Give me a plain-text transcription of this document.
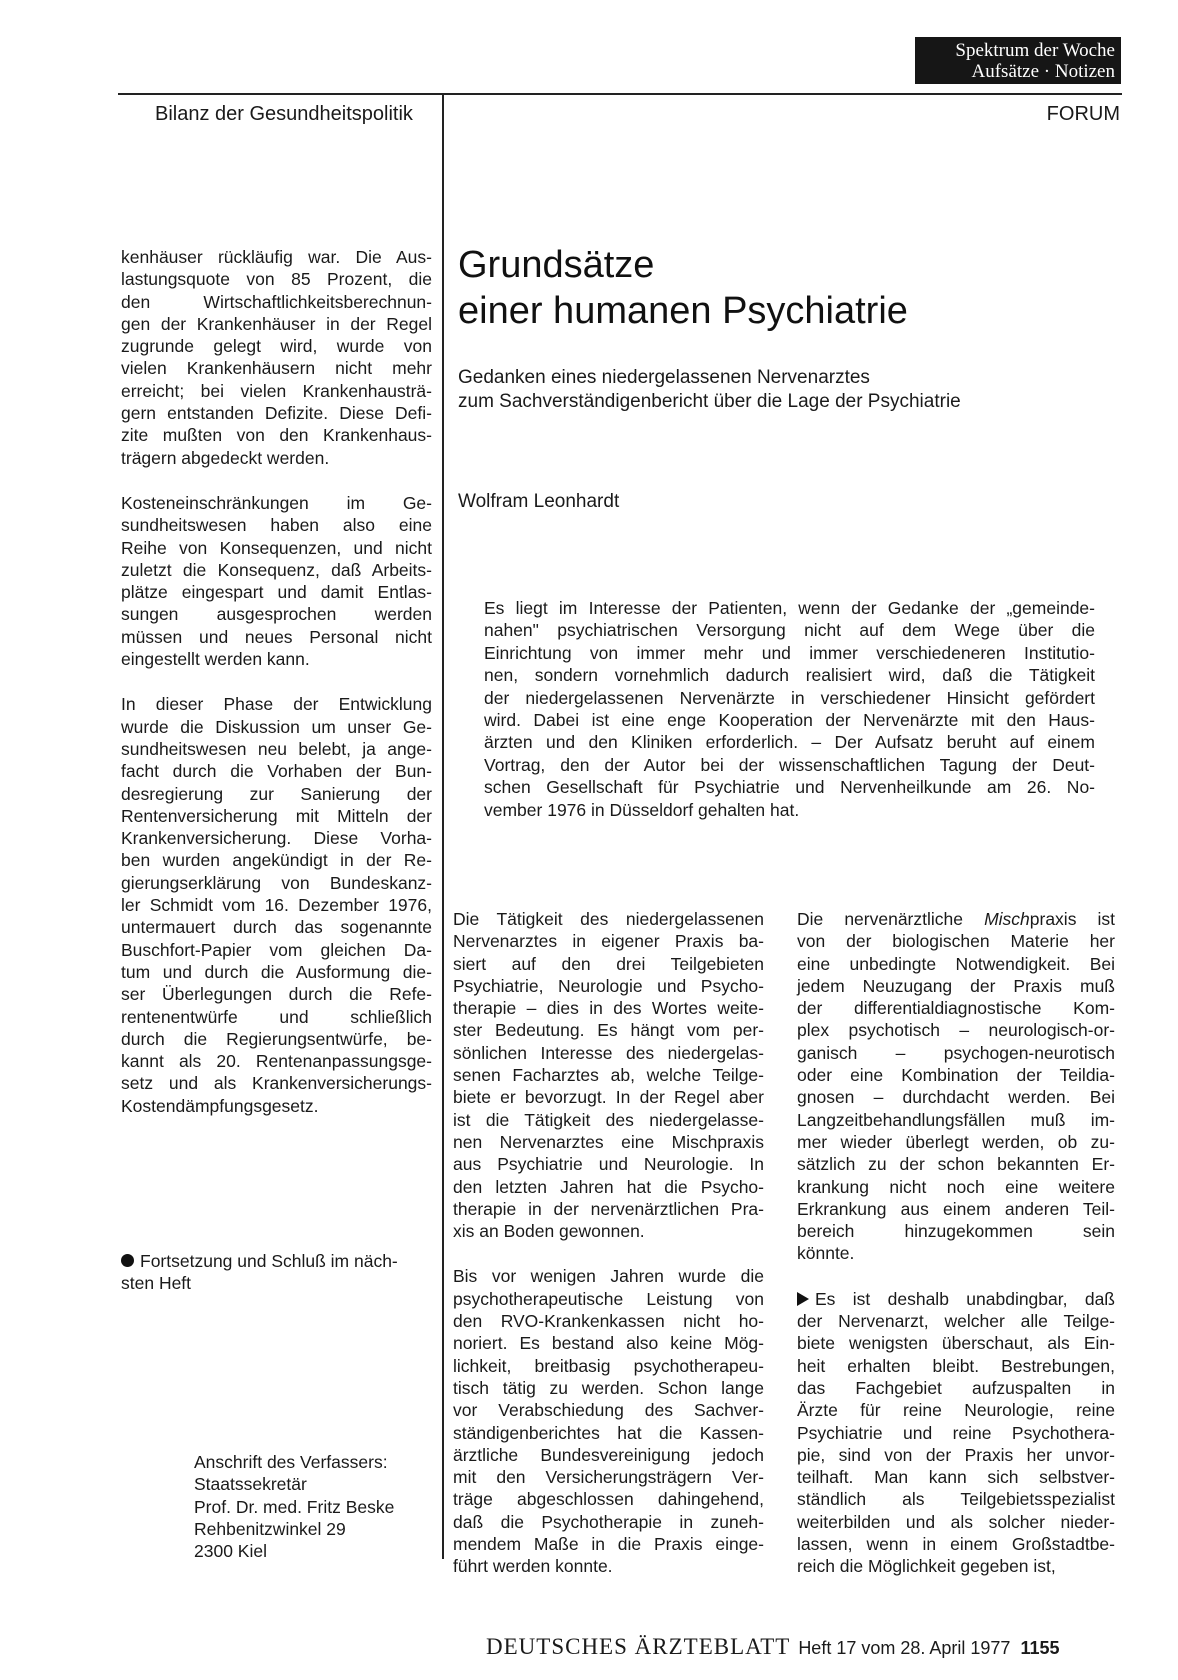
Spektrum der Woche
Aufsätze · Notizen
Bilanz der Gesundheitspolitik	FORUM

kenhäuser rückläufig war. Die Aus-
lastungsquote von 85 Prozent, die
den Wirtschaftlichkeitsberechnun-
gen der Krankenhäuser in der Regel
zugrunde gelegt wird, wurde von
vielen Krankenhäusern nicht mehr
erreicht; bei vielen Krankenhausträ-
gern entstanden Defizite. Diese Defi-
zite mußten von den Krankenhaus-
trägern abgedeckt werden.

Kosteneinschränkungen im Ge-
sundheitswesen haben also eine
Reihe von Konsequenzen, und nicht
zuletzt die Konsequenz, daß Arbeits-
plätze eingespart und damit Entlas-
sungen ausgesprochen werden
müssen und neues Personal nicht
eingestellt werden kann.

In dieser Phase der Entwicklung
wurde die Diskussion um unser Ge-
sundheitswesen neu belebt, ja ange-
facht durch die Vorhaben der Bun-
desregierung zur Sanierung der
Rentenversicherung mit Mitteln der
Krankenversicherung. Diese Vorha-
ben wurden angekündigt in der Re-
gierungserklärung von Bundeskanz-
ler Schmidt vom 16. Dezember 1976,
untermauert durch das sogenannte
Buschfort-Papier vom gleichen Da-
tum und durch die Ausformung die-
ser Überlegungen durch die Refe-
rentenentwürfe und schließlich
durch die Regierungsentwürfe, be-
kannt als 20. Rentenanpassungsge-
setz und als Krankenversicherungs-
Kostendämpfungsgesetz.

Fortsetzung und Schluß im näch-
sten Heft
Anschrift des Verfassers:
Staatssekretär
Prof. Dr. med. Fritz Beske
Rehbenitzwinkel 29
2300 Kiel
Grundsätze
einer humanen Psychiatrie
Gedanken eines niedergelassenen Nervenarztes
zum Sachverständigenbericht über die Lage der Psychiatrie
Wolfram Leonhardt
Es liegt im Interesse der Patienten, wenn der Gedanke der „gemeinde-
nahen" psychiatrischen Versorgung nicht auf dem Wege über die
Einrichtung von immer mehr und immer verschiedeneren Institutio-
nen, sondern vornehmlich dadurch realisiert wird, daß die Tätigkeit
der niedergelassenen Nervenärzte in verschiedener Hinsicht gefördert
wird. Dabei ist eine enge Kooperation der Nervenärzte mit den Haus-
ärzten und den Kliniken erforderlich. – Der Aufsatz beruht auf einem
Vortrag, den der Autor bei der wissenschaftlichen Tagung der Deut-
schen Gesellschaft für Psychiatrie und Nervenheilkunde am 26. No-
vember 1976 in Düsseldorf gehalten hat.

Die Tätigkeit des niedergelassenen
Nervenarztes in eigener Praxis ba-
siert auf den drei Teilgebieten
Psychiatrie, Neurologie und Psycho-
therapie – dies in des Wortes weite-
ster Bedeutung. Es hängt vom per-
sönlichen Interesse des niedergelas-
senen Facharztes ab, welche Teilge-
biete er bevorzugt. In der Regel aber
ist die Tätigkeit des niedergelasse-
nen Nervenarztes eine Mischpraxis
aus Psychiatrie und Neurologie. In
den letzten Jahren hat die Psycho-
therapie in der nervenärztlichen Pra-
xis an Boden gewonnen.

Bis vor wenigen Jahren wurde die
psychotherapeutische Leistung von
den RVO-Krankenkassen nicht ho-
noriert. Es bestand also keine Mög-
lichkeit, breitbasig psychotherapeu-
tisch tätig zu werden. Schon lange
vor Verabschiedung des Sachver-
ständigenberichtes hat die Kassen-
ärztliche Bundesvereinigung jedoch
mit den Versicherungsträgern Ver-
träge abgeschlossen dahingehend,
daß die Psychotherapie in zuneh-
mendem Maße in die Praxis einge-
führt werden konnte.

Die nervenärztliche Mischpraxis ist
von der biologischen Materie her
eine unbedingte Notwendigkeit. Bei
jedem Neuzugang der Praxis muß
der differentialdiagnostische Kom-
plex psychotisch – neurologisch-or-
ganisch – psychogen-neurotisch
oder eine Kombination der Teildia-
gnosen – durchdacht werden. Bei
Langzeitbehandlungsfällen muß im-
mer wieder überlegt werden, ob zu-
sätzlich zu der schon bekannten Er-
krankung nicht noch eine weitere
Erkrankung aus einem anderen Teil-
bereich hinzugekommen sein
könnte.

Es ist deshalb unabdingbar, daß
der Nervenarzt, welcher alle Teilge-
biete wenigsten überschaut, als Ein-
heit erhalten bleibt. Bestrebungen,
das Fachgebiet aufzuspalten in
Ärzte für reine Neurologie, reine
Psychiatrie und reine Psychothera-
pie, sind von der Praxis her unvor-
teilhaft. Man kann sich selbstver-
ständlich als Teilgebietsspezialist
weiterbilden und als solcher nieder-
lassen, wenn in einem Großstadtbe-
reich die Möglichkeit gegeben ist,

DEUTSCHES ÄRZTEBLATT Heft 17 vom 28. April 1977 1155
